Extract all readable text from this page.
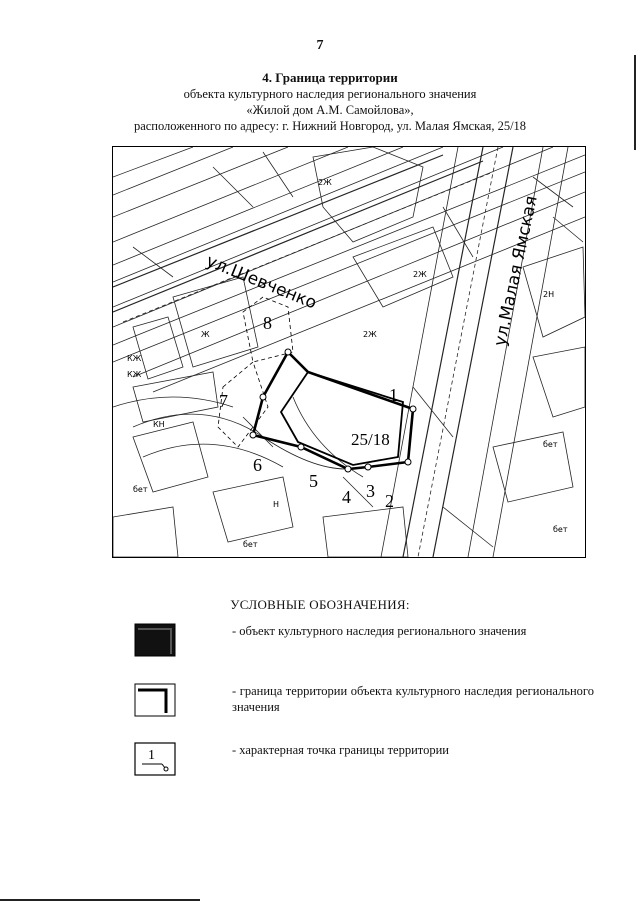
7
4. Граница территории
объекта культурного наследия регионального значения
«Жилой дом А.М. Самойлова»,
расположенного по адресу: г. Нижний Новгород, ул. Малая Ямская, 25/18
ул.Шевченко	ул.Малая Ямская
25/18
1
2
3
4
5
6
7
8
2Ж
2Ж
2Ж
2Н
КЖ
КЖ
КН
Н
бет
бет
бет
бет
Ж
УСЛОВНЫЕ ОБОЗНАЧЕНИЯ:
- объект культурного наследия регионального значения
- граница территории объекта культурного наследия регионального значения
1	- характерная точка границы территории
